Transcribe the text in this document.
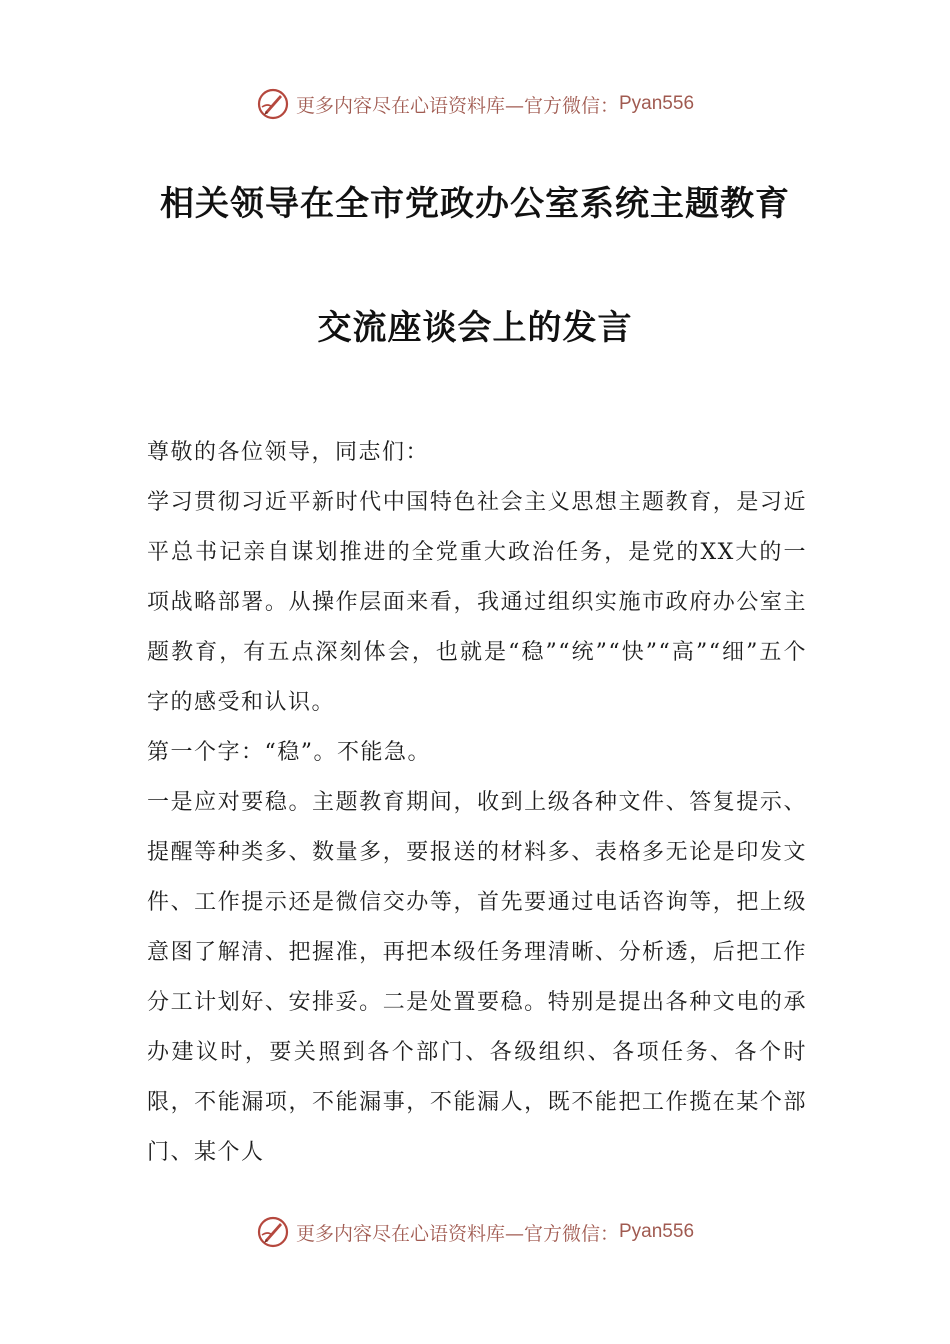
更多内容尽在心语资料库—官方微信： Pyan556
相关领导在全市党政办公室系统主题教育
交流座谈会上的发言

尊敬的各位领导，同志们：

学习贯彻习近平新时代中国特色社会主义思想主题教育，是习近平总书记亲自谋划推进的全党重大政治任务，是党的XX大的一项战略部署。从操作层面来看，我通过组织实施市政府办公室主题教育，有五点深刻体会，也就是“稳”“统”“快”“高”“细”五个字的感受和认识。

第一个字：“稳”。不能急。

一是应对要稳。主题教育期间，收到上级各种文件、答复提示、提醒等种类多、数量多，要报送的材料多、表格多无论是印发文件、工作提示还是微信交办等，首先要通过电话咨询等，把上级意图了解清、把握准，再把本级任务理清晰、分析透，后把工作分工计划好、安排妥。二是处置要稳。特别是提出各种文电的承办建议时，要关照到各个部门、各级组织、各项任务、各个时限，不能漏项，不能漏事，不能漏人，既不能把工作揽在某个部门、某个人

更多内容尽在心语资料库—官方微信： Pyan556
